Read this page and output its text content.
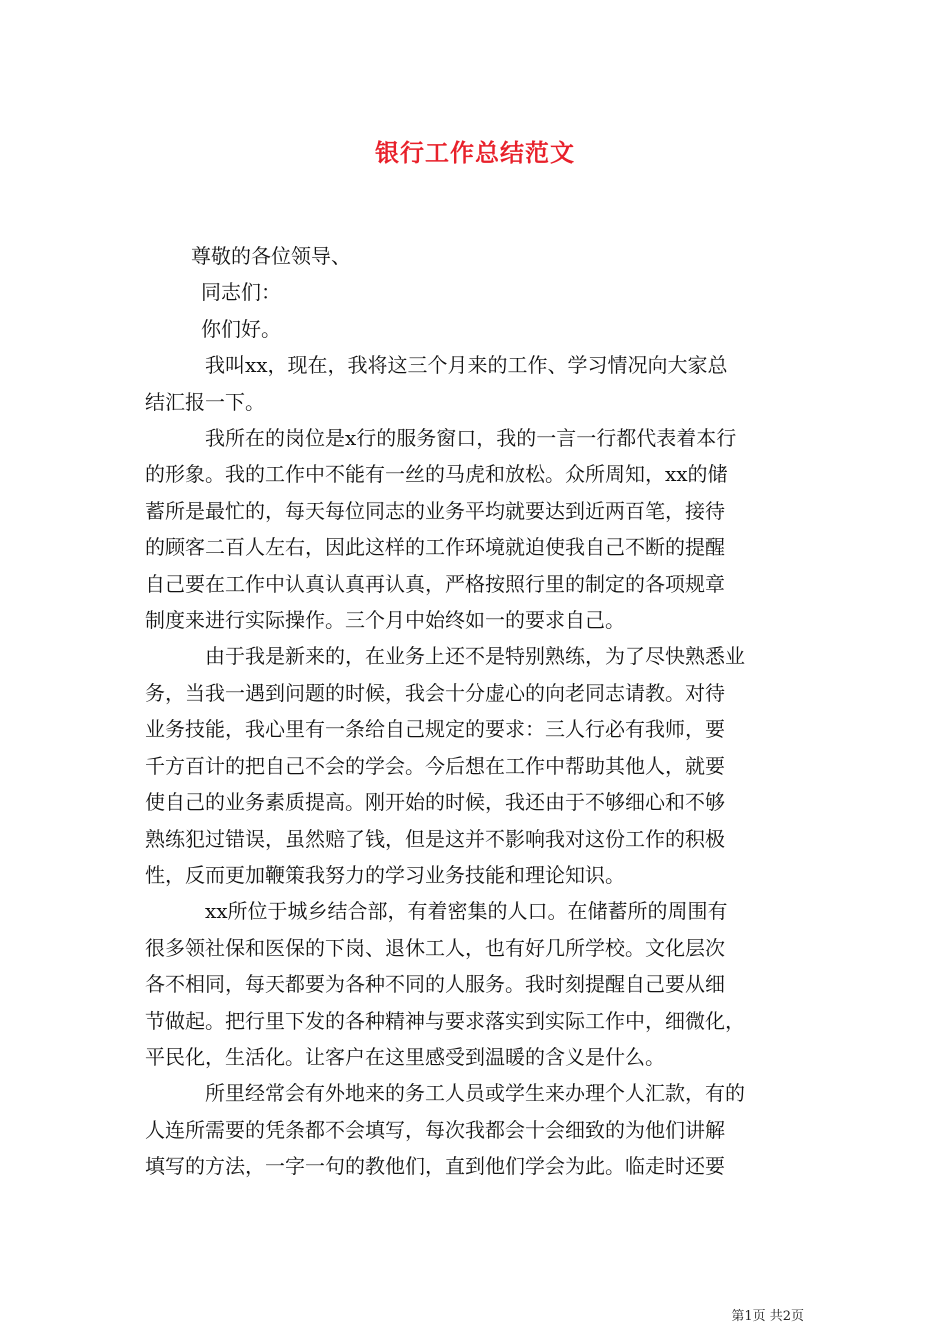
银行工作总结范文
尊敬的各位领导、
同志们：
你们好。
我叫xx，现在，我将这三个月来的工作、学习情况向大家总
结汇报一下。
我所在的岗位是x行的服务窗口，我的一言一行都代表着本行
的形象。我的工作中不能有一丝的马虎和放松。众所周知，xx的储
蓄所是最忙的，每天每位同志的业务平均就要达到近两百笔，接待
的顾客二百人左右，因此这样的工作环境就迫使我自己不断的提醒
自己要在工作中认真认真再认真，严格按照行里的制定的各项规章
制度来进行实际操作。三个月中始终如一的要求自己。
由于我是新来的，在业务上还不是特别熟练，为了尽快熟悉业
务，当我一遇到问题的时候，我会十分虚心的向老同志请教。对待
业务技能，我心里有一条给自己规定的要求：三人行必有我师，要
千方百计的把自己不会的学会。今后想在工作中帮助其他人，就要
使自己的业务素质提高。刚开始的时候，我还由于不够细心和不够
熟练犯过错误，虽然赔了钱，但是这并不影响我对这份工作的积极
性，反而更加鞭策我努力的学习业务技能和理论知识。
xx所位于城乡结合部，有着密集的人口。在储蓄所的周围有
很多领社保和医保的下岗、退休工人，也有好几所学校。文化层次
各不相同，每天都要为各种不同的人服务。我时刻提醒自己要从细
节做起。把行里下发的各种精神与要求落实到实际工作中，细微化，
平民化，生活化。让客户在这里感受到温暖的含义是什么。
所里经常会有外地来的务工人员或学生来办理个人汇款，有的
人连所需要的凭条都不会填写，每次我都会十会细致的为他们讲解
填写的方法，一字一句的教他们，直到他们学会为此。临走时还要
第1页 共2页
